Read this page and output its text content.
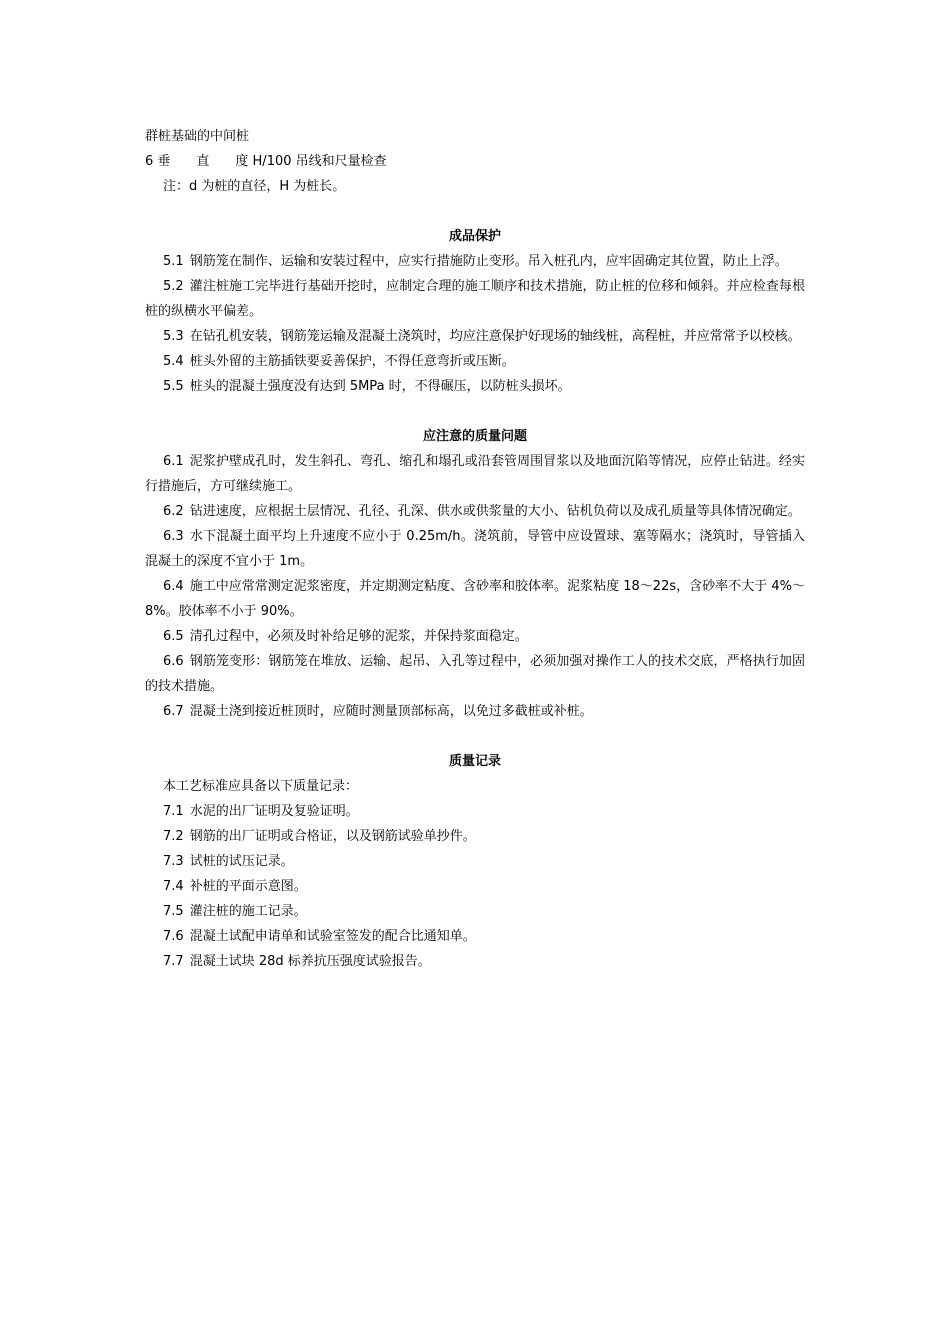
群桩基础的中间桩

6 垂　　直　　度 H/100 吊线和尺量检查

注：d 为桩的直径，H 为桩长。

成品保护

5.1 钢筋笼在制作、运输和安装过程中，应实行措施防止变形。吊入桩孔内，应牢固确定其位置，防止上浮。

5.2 灌注桩施工完毕进行基础开挖时，应制定合理的施工顺序和技术措施，防止桩的位移和倾斜。并应检查每根桩的纵横水平偏差。

5.3 在钻孔机安装，钢筋笼运输及混凝土浇筑时，均应注意保护好现场的轴线桩，高程桩，并应常常予以校核。

5.4 桩头外留的主筋插铁要妥善保护，不得任意弯折或压断。

5.5 桩头的混凝土强度没有达到 5MPa 时，不得碾压，以防桩头损坏。

应注意的质量问题

6.1 泥浆护壁成孔时，发生斜孔、弯孔、缩孔和塌孔或沿套管周围冒浆以及地面沉陷等情况，应停止钻进。经实行措施后，方可继续施工。

6.2 钻进速度，应根据土层情况、孔径、孔深、供水或供浆量的大小、钻机负荷以及成孔质量等具体情况确定。

6.3 水下混凝土面平均上升速度不应小于 0.25m/h。浇筑前，导管中应设置球、塞等隔水；浇筑时，导管插入混凝土的深度不宜小于 1m。

6.4 施工中应常常测定泥浆密度，并定期测定粘度、含砂率和胶体率。泥浆粘度 18～22s，含砂率不大于 4%～8%。胶体率不小于 90%。

6.5 清孔过程中，必须及时补给足够的泥浆，并保持浆面稳定。

6.6 钢筋笼变形：钢筋笼在堆放、运输、起吊、入孔等过程中，必须加强对操作工人的技术交底，严格执行加固的技术措施。

6.7 混凝土浇到接近桩顶时，应随时测量顶部标高，以免过多截桩或补桩。

质量记录

本工艺标准应具备以下质量记录：

7.1 水泥的出厂证明及复验证明。

7.2 钢筋的出厂证明或合格证，以及钢筋试验单抄件。

7.3 试桩的试压记录。

7.4 补桩的平面示意图。

7.5 灌注桩的施工记录。

7.6 混凝土试配申请单和试验室签发的配合比通知单。

7.7 混凝土试块 28d 标养抗压强度试验报告。
